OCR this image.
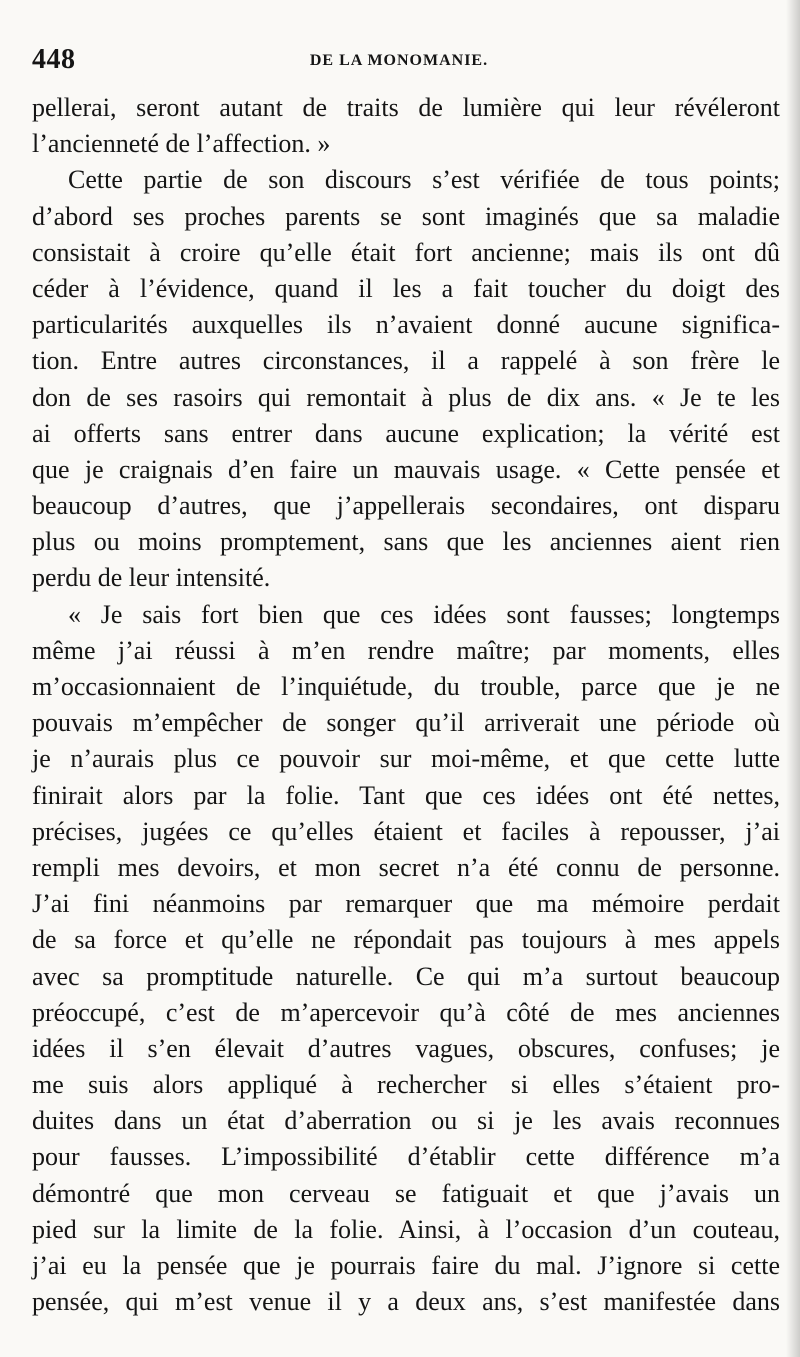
448	DE LA MONOMANIE.
pellerai, seront autant de traits de lumière qui leur révéleront
l’ancienneté de l’affection. »
Cette partie de son discours s’est vérifiée de tous points;
d’abord ses proches parents se sont imaginés que sa maladie
consistait à croire qu’elle était fort ancienne; mais ils ont dû
céder à l’évidence, quand il les a fait toucher du doigt des
particularités auxquelles ils n’avaient donné aucune significa-
tion. Entre autres circonstances, il a rappelé à son frère le
don de ses rasoirs qui remontait à plus de dix ans. « Je te les
ai offerts sans entrer dans aucune explication; la vérité est
que je craignais d’en faire un mauvais usage. « Cette pensée et
beaucoup d’autres, que j’appellerais secondaires, ont disparu
plus ou moins promptement, sans que les anciennes aient rien
perdu de leur intensité.
« Je sais fort bien que ces idées sont fausses; longtemps
même j’ai réussi à m’en rendre maître; par moments, elles
m’occasionnaient de l’inquiétude, du trouble, parce que je ne
pouvais m’empêcher de songer qu’il arriverait une période où
je n’aurais plus ce pouvoir sur moi-même, et que cette lutte
finirait alors par la folie. Tant que ces idées ont été nettes,
précises, jugées ce qu’elles étaient et faciles à repousser, j’ai
rempli mes devoirs, et mon secret n’a été connu de personne.
J’ai fini néanmoins par remarquer que ma mémoire perdait
de sa force et qu’elle ne répondait pas toujours à mes appels
avec sa promptitude naturelle. Ce qui m’a surtout beaucoup
préoccupé, c’est de m’apercevoir qu’à côté de mes anciennes
idées il s’en élevait d’autres vagues, obscures, confuses; je
me suis alors appliqué à rechercher si elles s’étaient pro-
duites dans un état d’aberration ou si je les avais reconnues
pour fausses. L’impossibilité d’établir cette différence m’a
démontré que mon cerveau se fatiguait et que j’avais un
pied sur la limite de la folie. Ainsi, à l’occasion d’un couteau,
j’ai eu la pensée que je pourrais faire du mal. J’ignore si cette
pensée, qui m’est venue il y a deux ans, s’est manifestée dans
